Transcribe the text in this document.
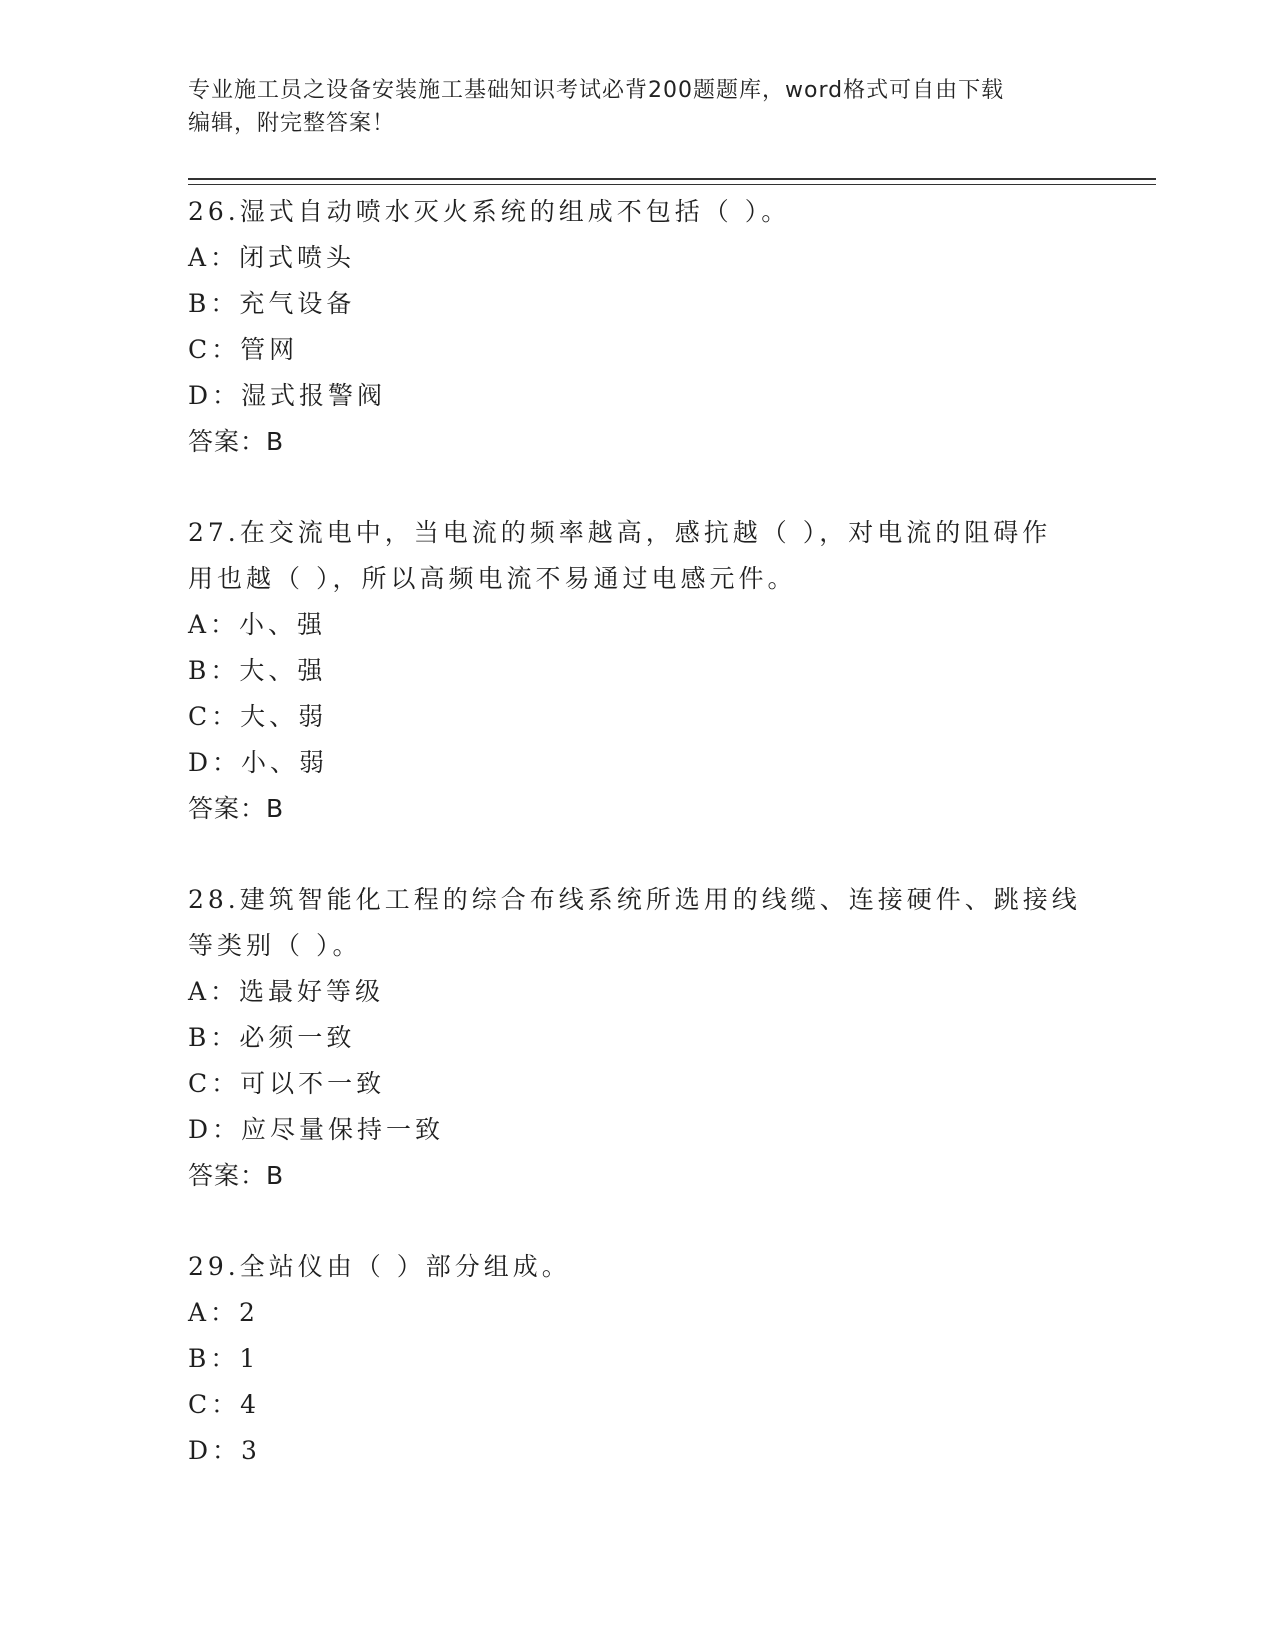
专业施工员之设备安装施工基础知识考试必背200题题库，word格式可自由下载
编辑，附完整答案！
26.湿式自动喷水灭火系统的组成不包括（ ）。
A：闭式喷头
B：充气设备
C：管网
D：湿式报警阀
答案：B
27.在交流电中，当电流的频率越高，感抗越（ ），对电流的阻碍作
用也越（ ），所以高频电流不易通过电感元件。
A：小、强
B：大、强
C：大、弱
D：小、弱
答案：B
28.建筑智能化工程的综合布线系统所选用的线缆、连接硬件、跳接线
等类别（ ）。
A：选最好等级
B：必须一致
C：可以不一致
D：应尽量保持一致
答案：B
29.全站仪由（ ）部分组成。
A：2
B：1
C：4
D：3
